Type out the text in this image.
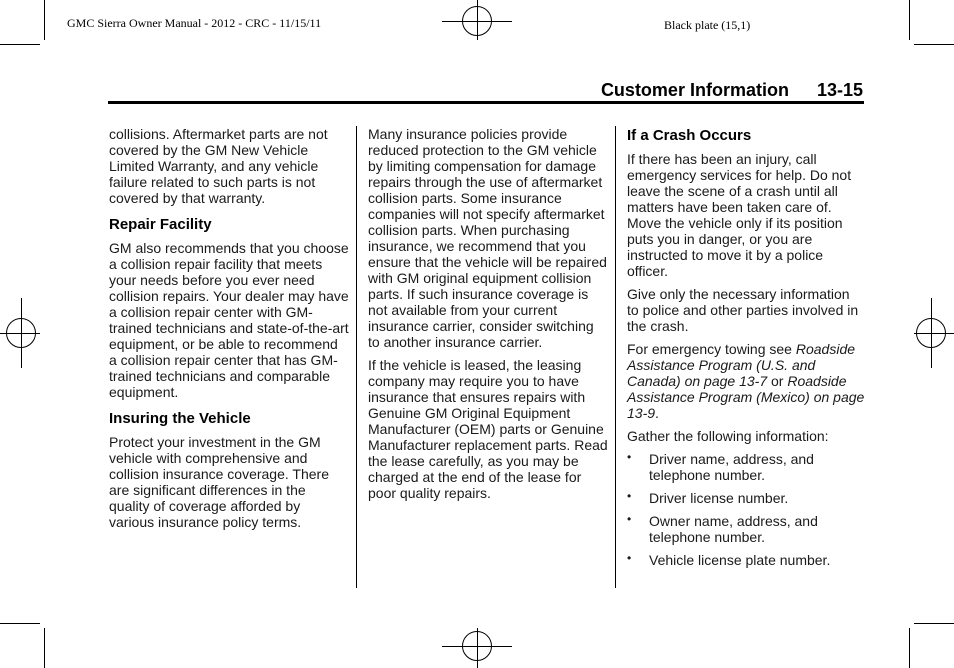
GMC Sierra Owner Manual - 2012 - CRC - 11/15/11	Black plate (15,1)
Customer Information 13-15

collisions. Aftermarket parts are not covered by the GM New Vehicle Limited Warranty, and any vehicle failure related to such parts is not covered by that warranty.

Repair Facility

GM also recommends that you choose a collision repair facility that meets your needs before you ever need collision repairs. Your dealer may have a collision repair center with GM-trained technicians and state-of-the-art equipment, or be able to recommend a collision repair center that has GM-trained technicians and comparable equipment.

Insuring the Vehicle

Protect your investment in the GM vehicle with comprehensive and collision insurance coverage. There are significant differences in the quality of coverage afforded by various insurance policy terms.

Many insurance policies provide reduced protection to the GM vehicle by limiting compensation for damage repairs through the use of aftermarket collision parts. Some insurance companies will not specify aftermarket collision parts. When purchasing insurance, we recommend that you ensure that the vehicle will be repaired with GM original equipment collision parts. If such insurance coverage is not available from your current insurance carrier, consider switching to another insurance carrier.

If the vehicle is leased, the leasing company may require you to have insurance that ensures repairs with Genuine GM Original Equipment Manufacturer (OEM) parts or Genuine Manufacturer replacement parts. Read the lease carefully, as you may be charged at the end of the lease for poor quality repairs.

If a Crash Occurs

If there has been an injury, call emergency services for help. Do not leave the scene of a crash until all matters have been taken care of. Move the vehicle only if its position puts you in danger, or you are instructed to move it by a police officer.

Give only the necessary information to police and other parties involved in the crash.

For emergency towing see Roadside Assistance Program (U.S. and Canada) on page 13-7 or Roadside Assistance Program (Mexico) on page 13-9.

Gather the following information:

• Driver name, address, and telephone number.
• Driver license number.
• Owner name, address, and telephone number.
• Vehicle license plate number.
